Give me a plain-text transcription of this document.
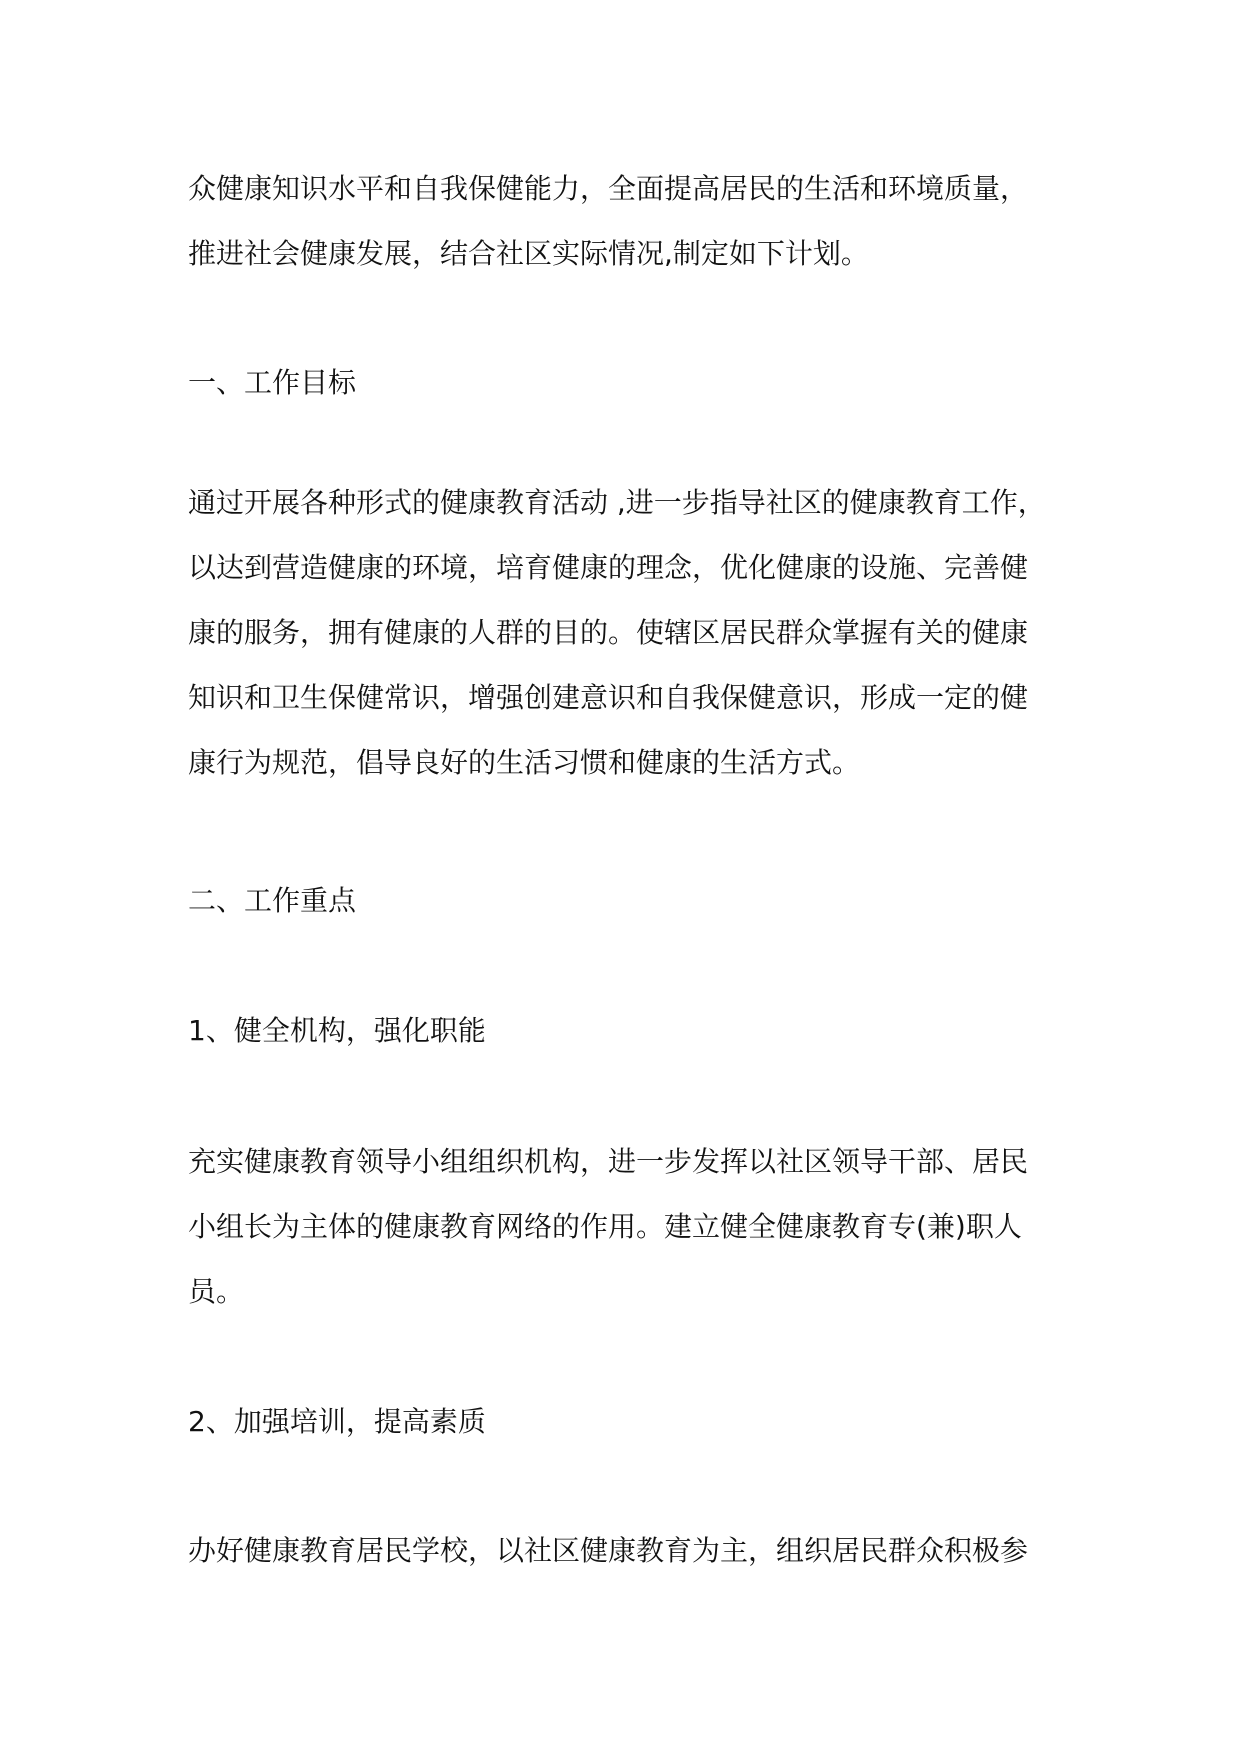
众健康知识水平和自我保健能力，全面提高居民的生活和环境质量，
推进社会健康发展，结合社区实际情况,制定如下计划。
一、工作目标
通过开展各种形式的健康教育活动 ,进一步指导社区的健康教育工作，
以达到营造健康的环境，培育健康的理念，优化健康的设施、完善健
康的服务，拥有健康的人群的目的。使辖区居民群众掌握有关的健康
知识和卫生保健常识，增强创建意识和自我保健意识，形成一定的健
康行为规范，倡导良好的生活习惯和健康的生活方式。
二、工作重点
1、健全机构，强化职能
充实健康教育领导小组组织机构，进一步发挥以社区领导干部、居民
小组长为主体的健康教育网络的作用。建立健全健康教育专(兼)职人
员。
2、加强培训，提高素质
办好健康教育居民学校，以社区健康教育为主，组织居民群众积极参
